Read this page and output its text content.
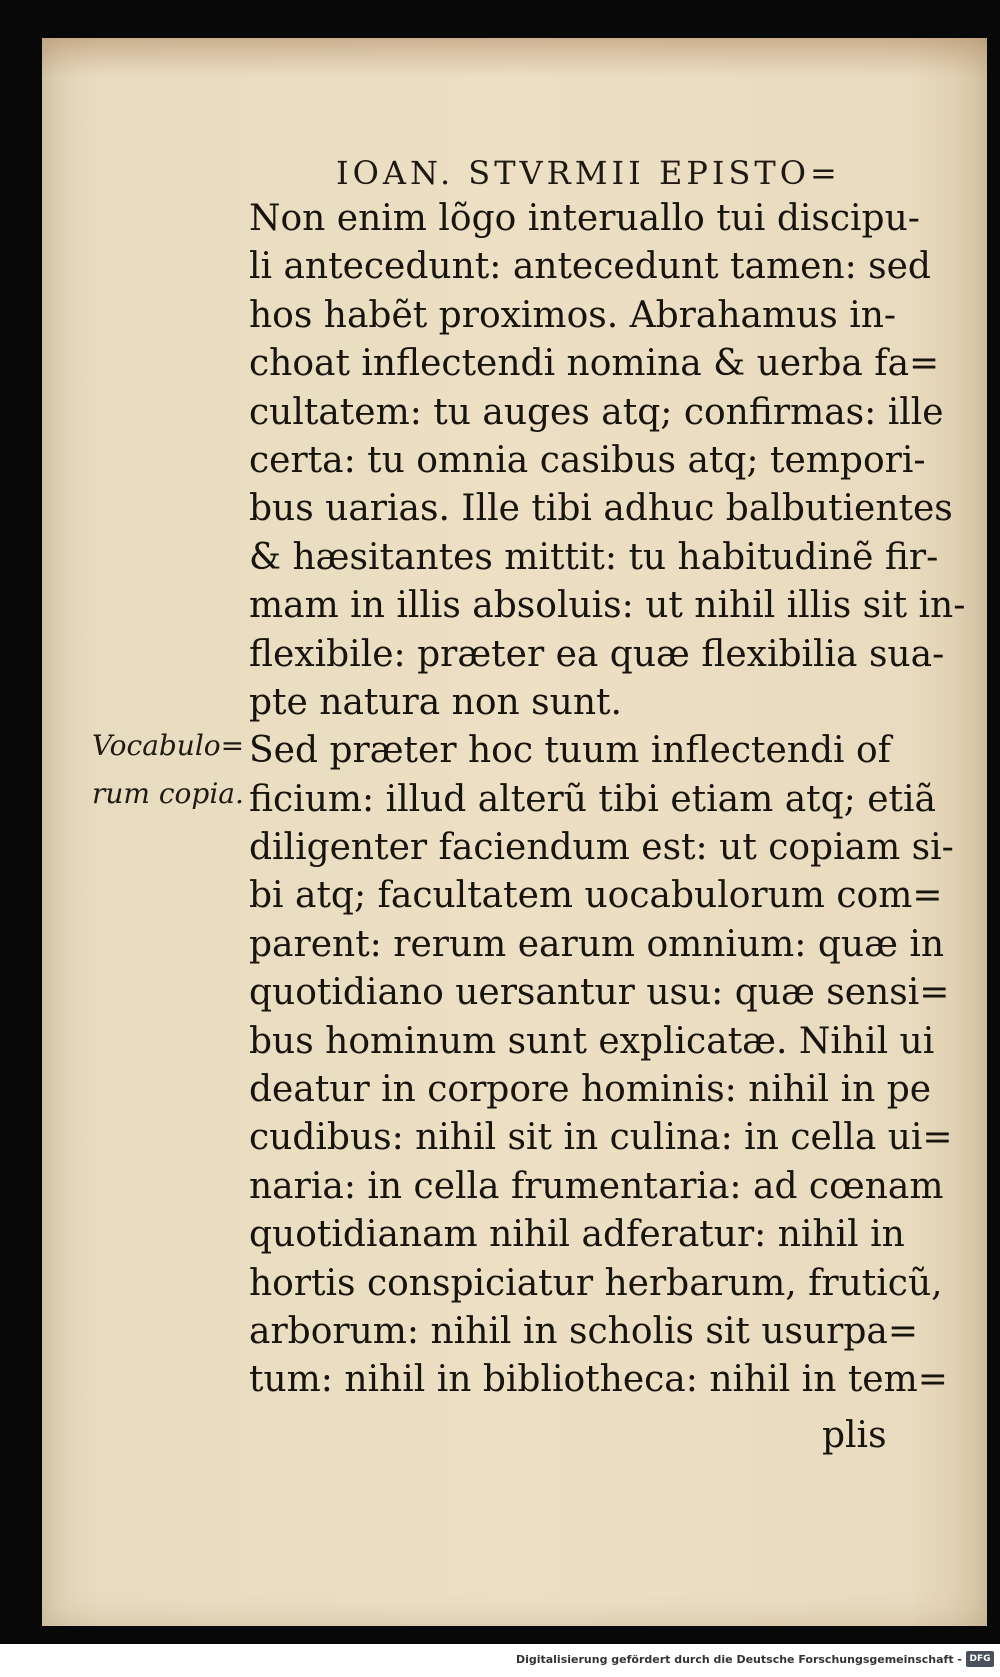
IOAN. STVRMII EPISTO=
Non enim lõgo interuallo tui discipu-
li antecedunt: antecedunt tamen: sed
hos habẽt proximos. Abrahamus in-
choat inflectendi nomina & uerba fa=
cultatem: tu auges atq; confirmas: ille
certa: tu omnia casibus atq; tempori-
bus uarias. Ille tibi adhuc balbutientes
& hæsitantes mittit: tu habitudinẽ fir-
mam in illis absoluis: ut nihil illis sit in-
flexibile: præter ea quæ flexibilia sua-
pte natura non sunt.
Sed præter hoc tuum inflectendi of
ficium: illud alterũ tibi etiam atq; etiã
diligenter faciendum est: ut copiam si-
bi atq; facultatem uocabulorum com=
parent: rerum earum omnium: quæ in
quotidiano uersantur usu: quæ sensi=
bus hominum sunt explicatæ. Nihil ui
deatur in corpore hominis: nihil in pe
cudibus: nihil sit in culina: in cella ui=
naria: in cella frumentaria: ad cœnam
quotidianam nihil adferatur: nihil in
hortis conspiciatur herbarum, fruticũ,
arborum: nihil in scholis sit usurpa=
tum: nihil in bibliotheca: nihil in tem=
Vocabulo=
rum copia.
plis
Digitalisierung gefördert durch die Deutsche Forschungsgemeinschaft - DFG
